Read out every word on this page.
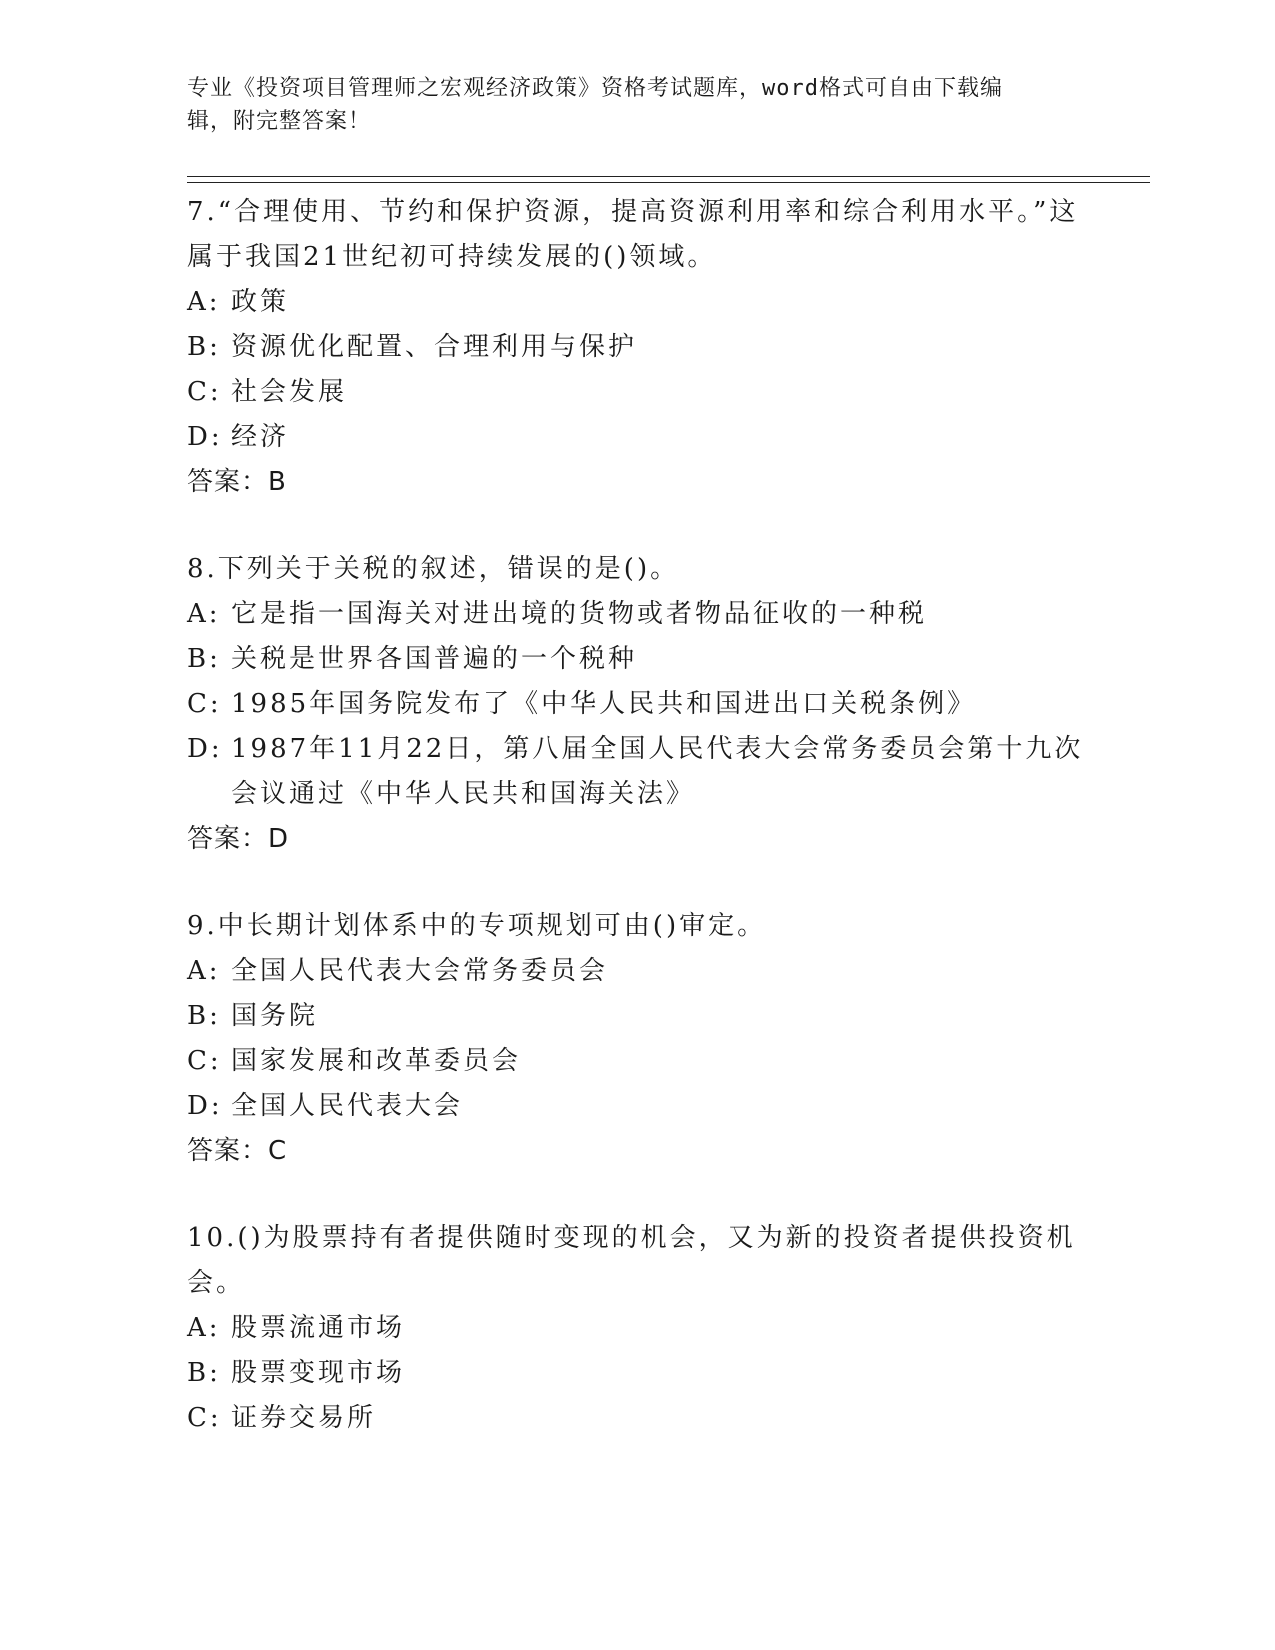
专业《投资项目管理师之宏观经济政策》资格考试题库，word格式可自由下载编
辑，附完整答案！
7.“合理使用、节约和保护资源，提高资源利用率和综合利用水平。”这属于我国21世纪初可持续发展的()领域。
A: 政策
B: 资源优化配置、合理利用与保护
C: 社会发展
D: 经济
答案：B
8.下列关于关税的叙述，错误的是()。
A: 它是指一国海关对进出境的货物或者物品征收的一种税
B: 关税是世界各国普遍的一个税种
C: 1985年国务院发布了《中华人民共和国进出口关税条例》
D: 1987年11月22日，第八届全国人民代表大会常务委员会第十九次会议通过《中华人民共和国海关法》
答案：D
9.中长期计划体系中的专项规划可由()审定。
A: 全国人民代表大会常务委员会
B: 国务院
C: 国家发展和改革委员会
D: 全国人民代表大会
答案：C
10.()为股票持有者提供随时变现的机会，又为新的投资者提供投资机会。
A: 股票流通市场
B: 股票变现市场
C: 证券交易所
